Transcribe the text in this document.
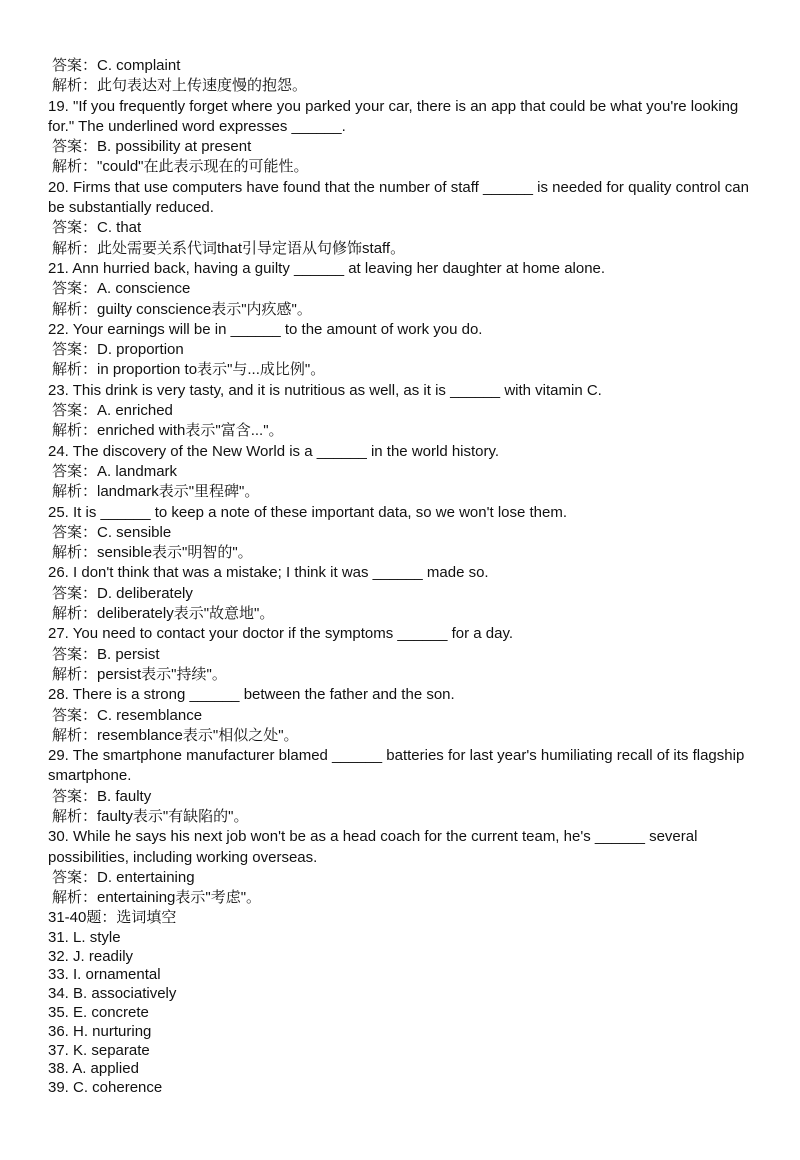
答案：C. complaint
解析：此句表达对上传速度慢的抱怨。
19. "If you frequently forget where you parked your car, there is an app that could be what you're looking for." The underlined word expresses ______.
答案：B. possibility at present
解析："could"在此表示现在的可能性。
20. Firms that use computers have found that the number of staff ______ is needed for quality control can be substantially reduced.
答案：C. that
解析：此处需要关系代词that引导定语从句修饰staff。
21. Ann hurried back, having a guilty ______ at leaving her daughter at home alone.
答案：A. conscience
解析：guilty conscience表示"内疚感"。
22. Your earnings will be in ______ to the amount of work you do.
答案：D. proportion
解析：in proportion to表示"与...成比例"。
23. This drink is very tasty, and it is nutritious as well, as it is ______ with vitamin C.
答案：A. enriched
解析：enriched with表示"富含..."。
24. The discovery of the New World is a ______ in the world history.
答案：A. landmark
解析：landmark表示"里程碑"。
25. It is ______ to keep a note of these important data, so we won't lose them.
答案：C. sensible
解析：sensible表示"明智的"。
26. I don't think that was a mistake; I think it was ______ made so.
答案：D. deliberately
解析：deliberately表示"故意地"。
27. You need to contact your doctor if the symptoms ______ for a day.
答案：B. persist
解析：persist表示"持续"。
28. There is a strong ______ between the father and the son.
答案：C. resemblance
解析：resemblance表示"相似之处"。
29. The smartphone manufacturer blamed ______ batteries for last year's humiliating recall of its flagship smartphone.
答案：B. faulty
解析：faulty表示"有缺陷的"。
30. While he says his next job won't be as a head coach for the current team, he's ______ several possibilities, including working overseas.
答案：D. entertaining
解析：entertaining表示"考虑"。
31-40题：选词填空
31. L. style
32. J. readily
33. I. ornamental
34. B. associatively
35. E. concrete
36. H. nurturing
37. K. separate
38. A. applied
39. C. coherence
